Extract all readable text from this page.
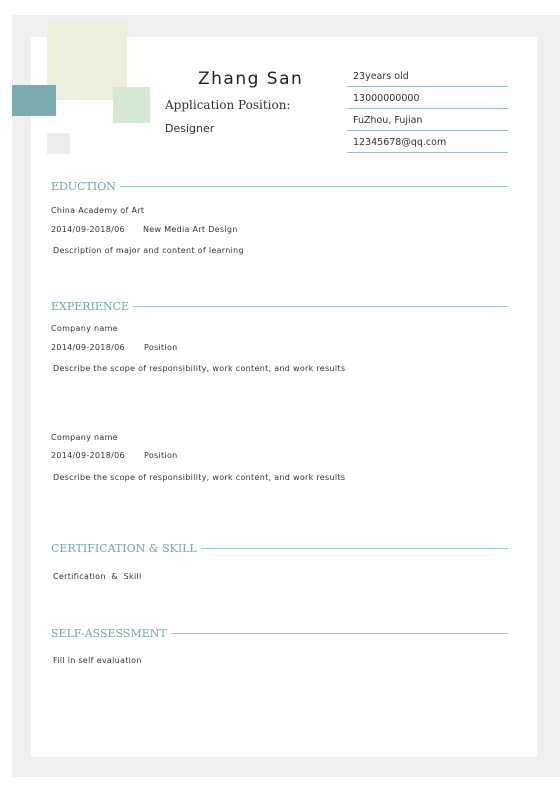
Zhang San
Application Position:
Designer
23years old
13000000000
FuZhou, Fujian
12345678@qq.com
EDUCTION
China Academy of Art
2014/09-2018/06 New Media Art Design
Description of major and content of learning
EXPERIENCE
Company name
2014/09-2018/06 Position
Describe the scope of responsibility, work content, and work results
Company name
2014/09-2018/06 Position
Describe the scope of responsibility, work content, and work results
CERTIFICATION & SKILL
Certification  &  Skill
SELF-ASSESSMENT
Fill in self evaluation
